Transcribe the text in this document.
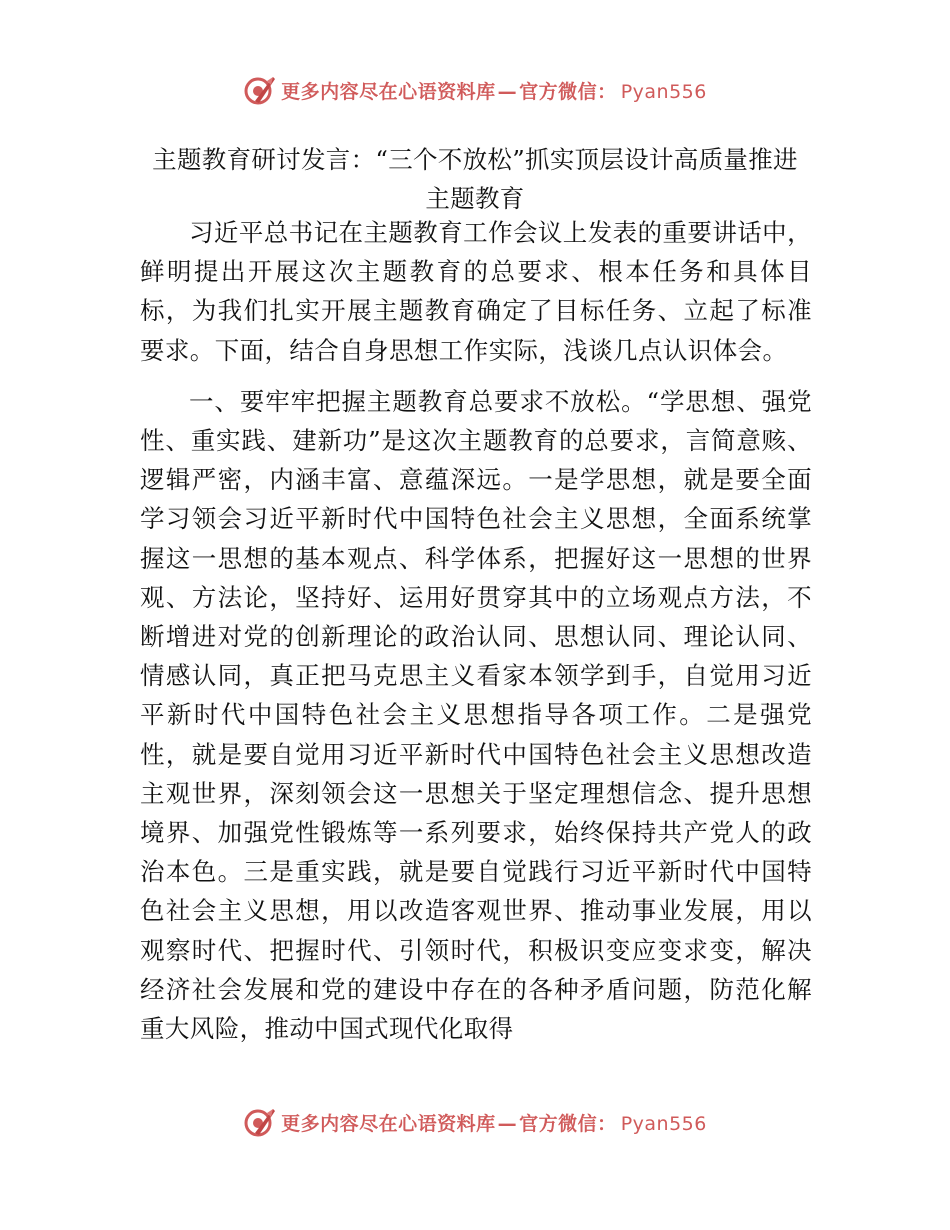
更多内容尽在心语资料库 — 官方微信： Pyan556
主题教育研讨发言：“三个不放松”抓实顶层设计高质量推进主题教育

习近平总书记在主题教育工作会议上发表的重要讲话中，鲜明提出开展这次主题教育的总要求、根本任务和具体目标，为我们扎实开展主题教育确定了目标任务、立起了标准要求。下面，结合自身思想工作实际，浅谈几点认识体会。

一、要牢牢把握主题教育总要求不放松。“学思想、强党性、重实践、建新功”是这次主题教育的总要求，言简意赅、逻辑严密，内涵丰富、意蕴深远。一是学思想，就是要全面学习领会习近平新时代中国特色社会主义思想，全面系统掌握这一思想的基本观点、科学体系，把握好这一思想的世界观、方法论，坚持好、运用好贯穿其中的立场观点方法，不断增进对党的创新理论的政治认同、思想认同、理论认同、情感认同，真正把马克思主义看家本领学到手，自觉用习近平新时代中国特色社会主义思想指导各项工作。二是强党性，就是要自觉用习近平新时代中国特色社会主义思想改造主观世界，深刻领会这一思想关于坚定理想信念、提升思想境界、加强党性锻炼等一系列要求，始终保持共产党人的政治本色。三是重实践，就是要自觉践行习近平新时代中国特色社会主义思想，用以改造客观世界、推动事业发展，用以观察时代、把握时代、引领时代，积极识变应变求变，解决经济社会发展和党的建设中存在的各种矛盾问题，防范化解重大风险，推动中国式现代化取得

更多内容尽在心语资料库 — 官方微信： Pyan556
